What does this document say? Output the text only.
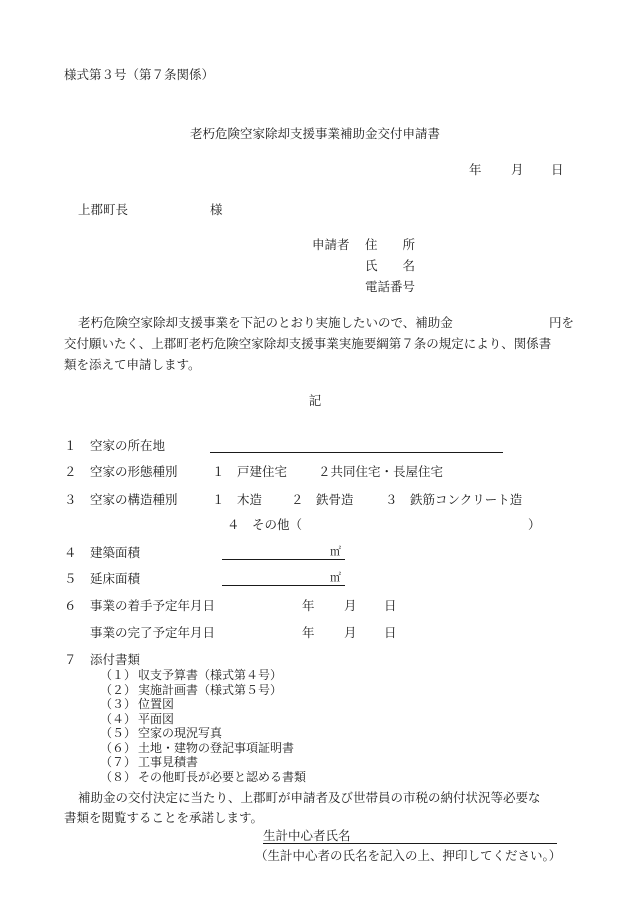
様式第３号（第７条関係）
老朽危険空家除却支援事業補助金交付申請書
年 月 日
上郡町長	様
申請者 住　　所
氏　　名
電話番号
老朽危険空家除却支援事業を下記のとおり実施したいので、補助金	円を
交付願いたく、上郡町老朽危険空家除却支援事業実施要綱第７条の規定により、関係書
類を添えて申請します。
記
１ 空家の所在地
２ 空家の形態種別	１　戸建住宅 ２共同住宅・長屋住宅
３ 空家の構造種別	１　木造 ２　鉄骨造	３　鉄筋コンクリート造
４　その他（	）
４ 建築面積	㎡
５ 延床面積	㎡
６ 事業の着手予定年月日	年 月 日
事業の完了予定年月日	年 月 日
７ 添付書類
（１） 収支予算書（様式第４号）
（２） 実施計画書（様式第５号）
（３） 位置図
（４） 平面図
（５） 空家の現況写真
（６） 土地・建物の登記事項証明書
（７） 工事見積書
（８） その他町長が必要と認める書類
補助金の交付決定に当たり、上郡町が申請者及び世帯員の市税の納付状況等必要な
書類を閲覧することを承諾します。
生計中心者氏名
（生計中心者の氏名を記入の上、押印してください。）
